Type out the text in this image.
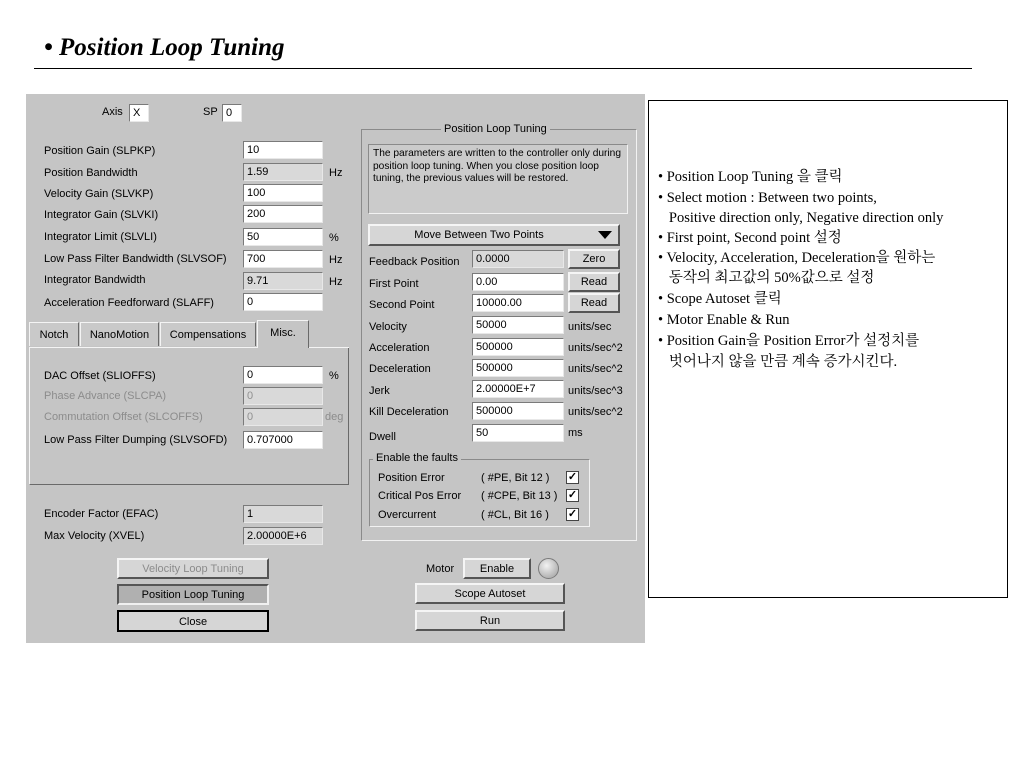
• Position Loop Tuning
Axis X	SP 0
Position Gain (SLPKP)	10
Position Bandwidth	1.59	Hz
Velocity Gain (SLVKP)	100
Integrator Gain (SLVKI)	200
Integrator Limit (SLVLI)	50	%
Low Pass Filter Bandwidth (SLVSOF)	700	Hz
Integrator Bandwidth	9.71	Hz
Acceleration Feedforward (SLAFF)	0
Notch	NanoMotion	Compensations	Misc.
DAC Offset (SLIOFFS)	0	%
Phase Advance (SLCPA)	0
Commutation Offset (SLCOFFS)	0	deg
Low Pass Filter Dumping (SLVSOFD)	0.707000
Encoder Factor (EFAC)	1
Max Velocity (XVEL)	2.00000E+6
Velocity Loop Tuning
Position Loop Tuning
Close
Position Loop Tuning
The parameters are written to the controller only during position loop tuning. When you close position loop tuning, the previous values will be restored.
Move Between Two Points
Feedback Position	0.0000	Zero
First Point	0.00	Read
Second Point	10000.00	Read
Velocity	50000	units/sec
Acceleration	500000	units/sec^2
Deceleration	500000	units/sec^2
Jerk	2.00000E+7	units/sec^3
Kill Deceleration	500000	units/sec^2
Dwell	50	ms
Enable the faults
Position Error	( #PE, Bit 12 ) ✓
Critical Pos Error ( #CPE, Bit 13 ) ✓
Overcurrent	( #CL, Bit 16 ) ✓
Motor	Enable
Scope Autoset
Run
• Position Loop Tuning 을 클릭
• Select motion : Between two points,
Positive direction only, Negative direction only
• First point, Second point 설정
• Velocity, Acceleration, Deceleration을 원하는
동작의 최고값의 50%값으로 설정
• Scope Autoset 클릭
• Motor Enable & Run
• Position Gain을 Position Error가 설정치를
벗어나지 않을 만큼 계속 증가시킨다.
